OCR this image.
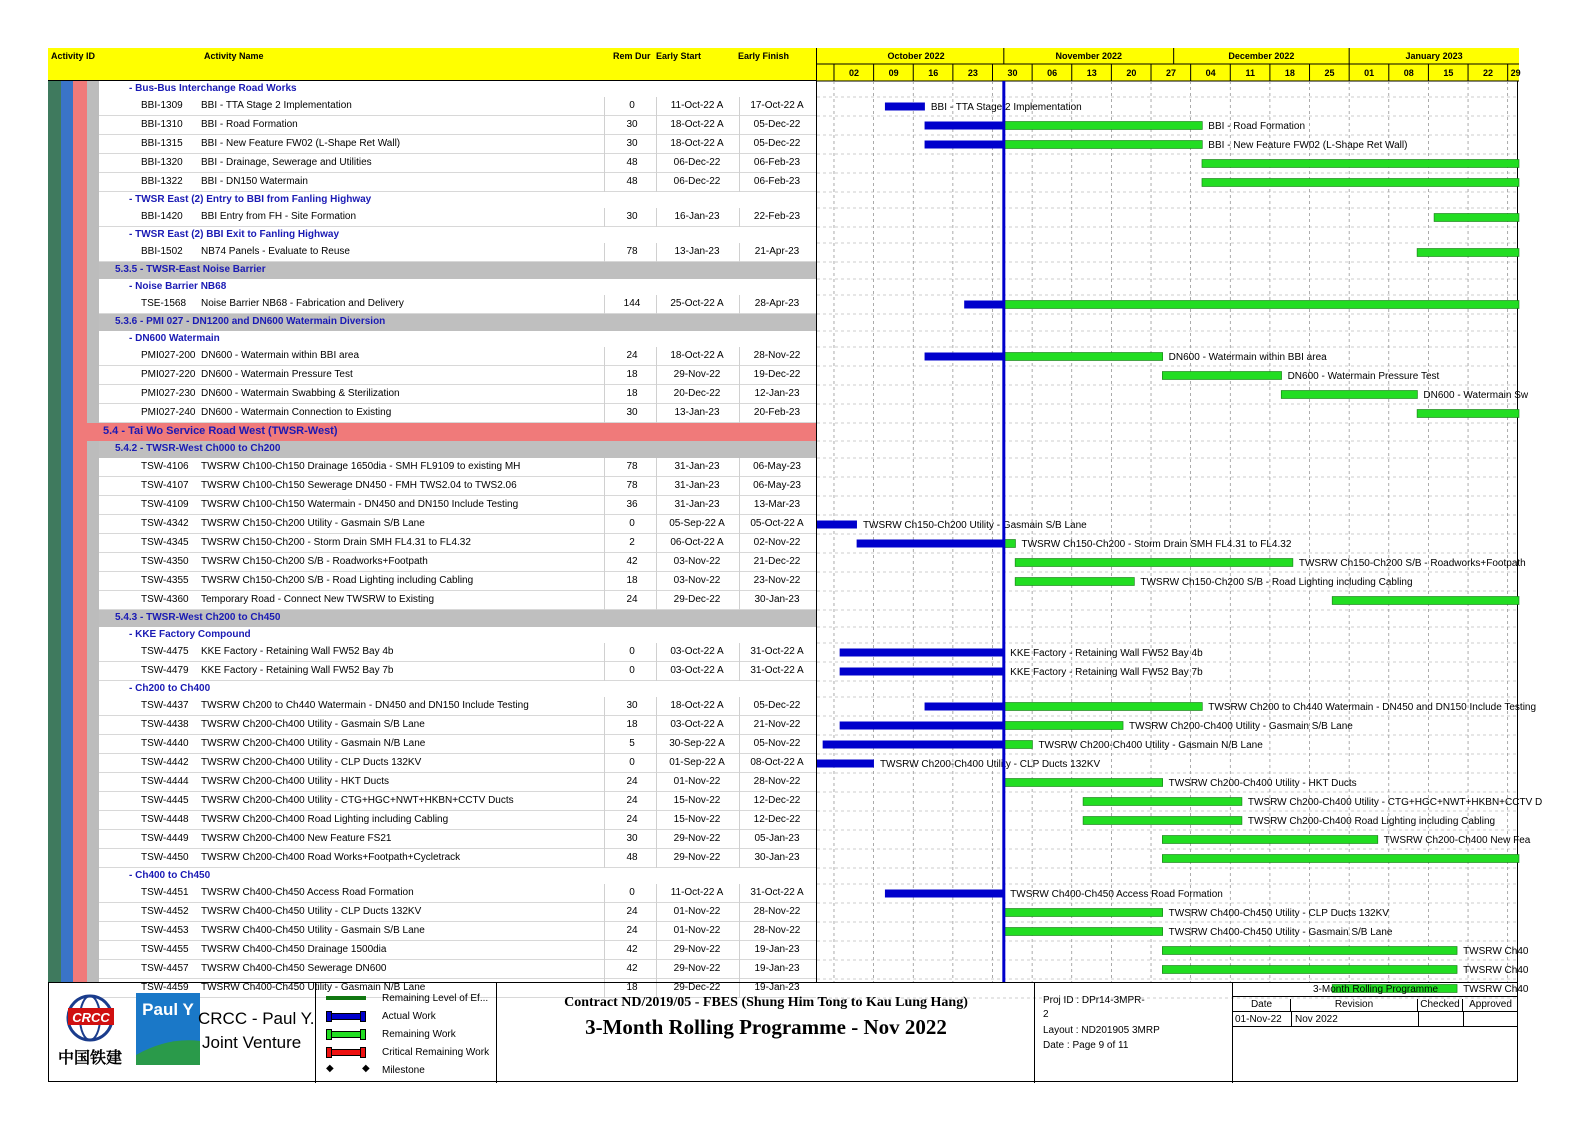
Activity ID	Activity Name	Rem Dur Early Start	Early Finish
- Bus-Bus Interchange Road Works
BBI-1309	BBI - TTA Stage 2 Implementation	0	11-Oct-22 A	17-Oct-22 A
BBI-1310	BBI - Road Formation	30	18-Oct-22 A	05-Dec-22
BBI-1315	BBI - New Feature FW02 (L-Shape Ret Wall)	30	18-Oct-22 A	05-Dec-22
BBI-1320	BBI - Drainage, Sewerage and Utilities	48	06-Dec-22	06-Feb-23
BBI-1322	BBI - DN150 Watermain	48	06-Dec-22	06-Feb-23
- TWSR East (2) Entry to BBI from Fanling Highway
BBI-1420	BBI Entry from FH - Site Formation	30	16-Jan-23	22-Feb-23
- TWSR East (2) BBI Exit to Fanling Highway
BBI-1502	NB74 Panels - Evaluate to Reuse	78	13-Jan-23	21-Apr-23
5.3.5 - TWSR-East Noise Barrier
- Noise Barrier NB68
TSE-1568	Noise Barrier NB68 - Fabrication and Delivery	144	25-Oct-22 A	28-Apr-23
5.3.6 - PMI 027 - DN1200 and DN600 Watermain Diversion
- DN600 Watermain
PMI027-200 DN600 - Watermain within BBI area	24	18-Oct-22 A	28-Nov-22
PMI027-220 DN600 - Watermain Pressure Test	18	29-Nov-22	19-Dec-22
PMI027-230 DN600 - Watermain Swabbing & Sterilization	18	20-Dec-22	12-Jan-23
PMI027-240 DN600 - Watermain Connection to Existing	30	13-Jan-23	20-Feb-23
5.4 - Tai Wo Service Road West (TWSR-West)
5.4.2 - TWSR-West Ch000 to Ch200
TSW-4106	TWSRW Ch100-Ch150 Drainage 1650dia - SMH FL9109 to existing MH	78	31-Jan-23	06-May-23
TSW-4107	TWSRW Ch100-Ch150 Sewerage DN450 - FMH TWS2.04 to TWS2.06	78	31-Jan-23	06-May-23
TSW-4109	TWSRW Ch100-Ch150 Watermain - DN450 and DN150 Include Testing	36	31-Jan-23	13-Mar-23
TSW-4342	TWSRW Ch150-Ch200 Utility - Gasmain S/B Lane	0	05-Sep-22 A	05-Oct-22 A
TSW-4345	TWSRW Ch150-Ch200 - Storm Drain SMH FL4.31 to FL4.32	2	06-Oct-22 A	02-Nov-22
TSW-4350	TWSRW Ch150-Ch200 S/B - Roadworks+Footpath	42	03-Nov-22	21-Dec-22
TSW-4355	TWSRW Ch150-Ch200 S/B - Road Lighting including Cabling	18	03-Nov-22	23-Nov-22
TSW-4360	Temporary Road - Connect New TWSRW to Existing	24	29-Dec-22	30-Jan-23
5.4.3 - TWSR-West Ch200 to Ch450
- KKE Factory Compound
TSW-4475	KKE Factory - Retaining Wall FW52 Bay 4b	0	03-Oct-22 A	31-Oct-22 A
TSW-4479	KKE Factory - Retaining Wall FW52 Bay 7b	0	03-Oct-22 A	31-Oct-22 A
- Ch200 to Ch400
TSW-4437	TWSRW Ch200 to Ch440 Watermain - DN450 and DN150 Include Testing	30	18-Oct-22 A	05-Dec-22
TSW-4438	TWSRW Ch200-Ch400 Utility - Gasmain S/B Lane	18	03-Oct-22 A	21-Nov-22
TSW-4440	TWSRW Ch200-Ch400 Utility - Gasmain N/B Lane	5	30-Sep-22 A	05-Nov-22
TSW-4442	TWSRW Ch200-Ch400 Utility - CLP Ducts 132KV	0	01-Sep-22 A	08-Oct-22 A
TSW-4444	TWSRW Ch200-Ch400 Utility - HKT Ducts	24	01-Nov-22	28-Nov-22
TSW-4445	TWSRW Ch200-Ch400 Utility - CTG+HGC+NWT+HKBN+CCTV Ducts	24	15-Nov-22	12-Dec-22
TSW-4448	TWSRW Ch200-Ch400 Road Lighting including Cabling	24	15-Nov-22	12-Dec-22
TSW-4449	TWSRW Ch200-Ch400 New Feature FS21	30	29-Nov-22	05-Jan-23
TSW-4450	TWSRW Ch200-Ch400 Road Works+Footpath+Cycletrack	48	29-Nov-22	30-Jan-23
- Ch400 to Ch450
TSW-4451	TWSRW Ch400-Ch450 Access Road Formation	0	11-Oct-22 A	31-Oct-22 A
TSW-4452	TWSRW Ch400-Ch450 Utility - CLP Ducts 132KV	24	01-Nov-22	28-Nov-22
TSW-4453	TWSRW Ch400-Ch450 Utility - Gasmain S/B Lane	24	01-Nov-22	28-Nov-22
TSW-4455	TWSRW Ch400-Ch450 Drainage 1500dia	42	29-Nov-22	19-Jan-23
TSW-4457	TWSRW Ch400-Ch450 Sewerage DN600	42	29-Nov-22	19-Jan-23
TSW-4459	TWSRW Ch400-Ch450 Utility - Gasmain N/B Lane	18	29-Dec-22	19-Jan-23
October 2022	November 2022	December 2022	January 2023
02	09	16	23	30	06	13	20	27	04	11	18	25	01	08	15	22 29
BBI - TTA Stage 2 Implementation
BBI - Road Formation
BBI - New Feature FW02 (L-Shape Ret Wall)
DN600 - Watermain within BBI area
DN600 - Watermain Pressure Test
DN600 - Watermain Sw
TWSRW Ch150-Ch200 Utility - Gasmain S/B Lane
TWSRW Ch150-Ch200 - Storm Drain SMH FL4.31 to FL4.32
TWSRW Ch150-Ch200 S/B - Roadworks+Footpath
TWSRW Ch150-Ch200 S/B - Road Lighting including Cabling
KKE Factory - Retaining Wall FW52 Bay 4b
KKE Factory - Retaining Wall FW52 Bay 7b
TWSRW Ch200 to Ch440 Watermain - DN450 and DN150 Include Testing
TWSRW Ch200-Ch400 Utility - Gasmain S/B Lane
TWSRW Ch200-Ch400 Utility - Gasmain N/B Lane
TWSRW Ch200-Ch400 Utility - CLP Ducts 132KV
TWSRW Ch200-Ch400 Utility - HKT Ducts
TWSRW Ch200-Ch400 Utility - CTG+HGC+NWT+HKBN+CCTV D
TWSRW Ch200-Ch400 Road Lighting including Cabling
TWSRW Ch200-Ch400 New Fea
TWSRW Ch400-Ch450 Access Road Formation
TWSRW Ch400-Ch450 Utility - CLP Ducts 132KV
TWSRW Ch400-Ch450 Utility - Gasmain S/B Lane
TWSRW Ch40
TWSRW Ch40
TWSRW Ch40
CRCC
中国铁建
Paul Y CRCC - Paul Y.
Joint Venture
Remaining Level of Ef...
Actual Work
Remaining Work
Critical Remaining Work
◆	◆ Milestone
Contract ND/2019/05 - FBES (Shung Him Tong to Kau Lung Hang)
3-Month Rolling Programme - Nov 2022
Proj ID : DPr14-3MPR-
2
Layout : ND201905 3MRP
Date : Page 9 of 11
3-Month Rolling Programme
Date	Revision	Checked Approved
01-Nov-22	Nov 2022
